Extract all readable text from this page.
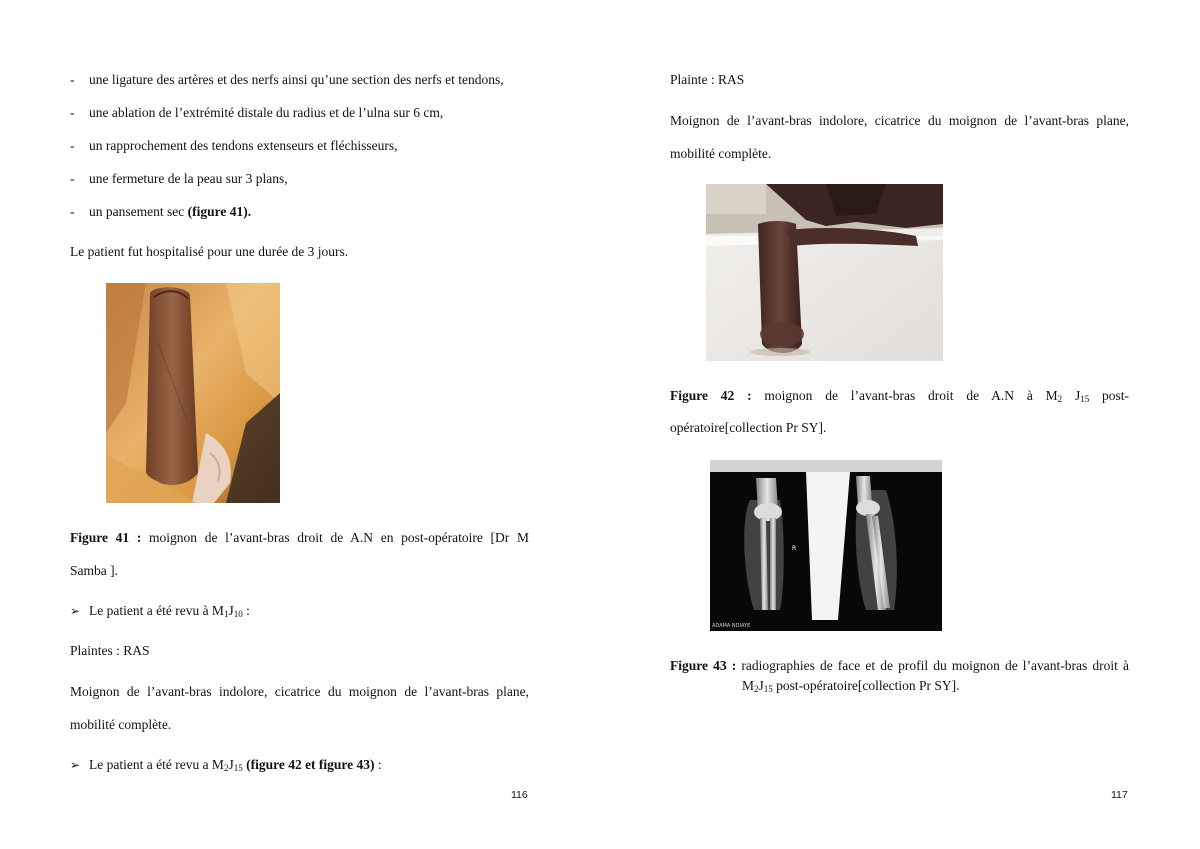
- une ligature des artères et des nerfs ainsi qu’une section des nerfs et tendons,
- une ablation de l’extrémité distale du radius et de l’ulna sur 6 cm,
- un rapprochement des tendons extenseurs et fléchisseurs,
- une fermeture de la peau sur 3 plans,
- un pansement sec (figure 41).
Le patient fut hospitalisé pour une durée de 3 jours.
Figure 41 : moignon de l’avant-bras droit de A.N en post-opératoire [Dr M
Samba ].
➢ Le patient a été revu à $M_1J_{10}$ :
Plaintes : RAS
Moignon de l’avant-bras indolore, cicatrice du moignon de l’avant-bras plane,
mobilité complète.
➢ Le patient a été revu a $M_2J_{15}$ (figure 42 et figure 43) :
116
Plainte : RAS
Moignon de l’avant-bras indolore, cicatrice du moignon de l’avant-bras plane,
mobilité complète.
Figure 42 : moignon de l’avant-bras droit de A.N à $M_2$ $J_{15}$ post-
opératoire[collection Pr SY].
R
ADAMA NDIAYE
Figure 43 : radiographies de face et de profil du moignon de l’avant-bras droit à
$M_2J_{15}$ post-opératoire[collection Pr SY].
117
